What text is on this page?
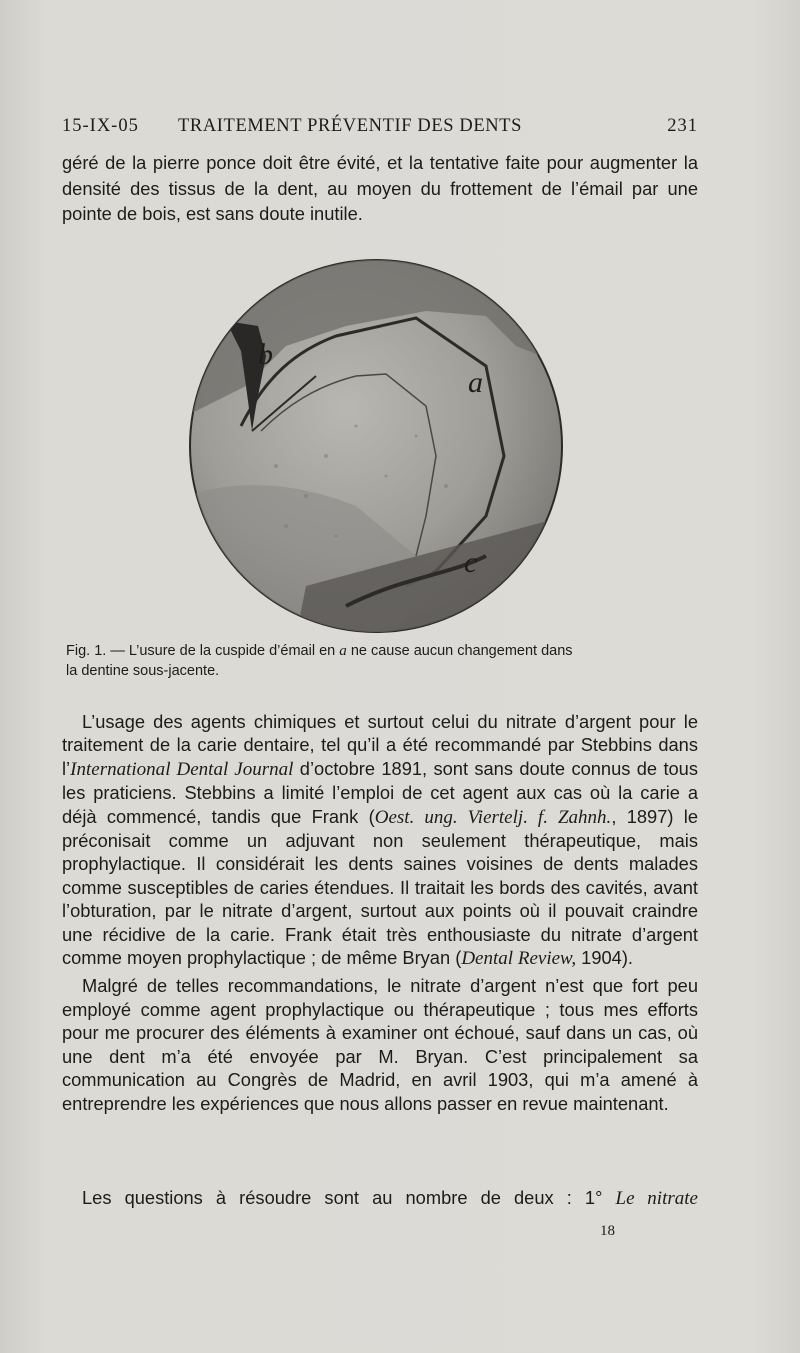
15-IX-05 TRAITEMENT PRÉVENTIF DES DENTS	231

géré de la pierre ponce doit être évité, et la tentative faite pour augmenter la densité des tissus de la dent, au moyen du frottement de l’émail par une pointe de bois, est sans doute inutile.

b
a
c
Fig. 1. — L’usure de la cuspide d’émail en a ne cause aucun changement dans
la dentine sous-jacente.

L’usage des agents chimiques et surtout celui du nitrate d’argent pour le traitement de la carie dentaire, tel qu’il a été recommandé par Stebbins dans l’International Dental Journal d’octobre 1891, sont sans doute connus de tous les praticiens. Stebbins a limité l’emploi de cet agent aux cas où la carie a déjà commencé, tandis que Frank (Oest. ung. Viertelj. f. Zahnh., 1897) le préconisait comme un adjuvant non seulement thérapeutique, mais prophylactique. Il considérait les dents saines voisines de dents malades comme susceptibles de caries étendues. Il traitait les bords des cavités, avant l’obturation, par le nitrate d’argent, surtout aux points où il pouvait craindre une récidive de la carie. Frank était très enthousiaste du nitrate d’argent comme moyen prophylactique ; de même Bryan (Dental Review, 1904).

Malgré de telles recommandations, le nitrate d’argent n’est que fort peu employé comme agent prophylactique ou thérapeutique ; tous mes efforts pour me procurer des éléments à examiner ont échoué, sauf dans un cas, où une dent m’a été envoyée par M. Bryan. C’est principalement sa communication au Congrès de Madrid, en avril 1903, qui m’a amené à entreprendre les expériences que nous allons passer en revue maintenant.

Les questions à résoudre sont au nombre de deux : 1° Le nitrate

18
